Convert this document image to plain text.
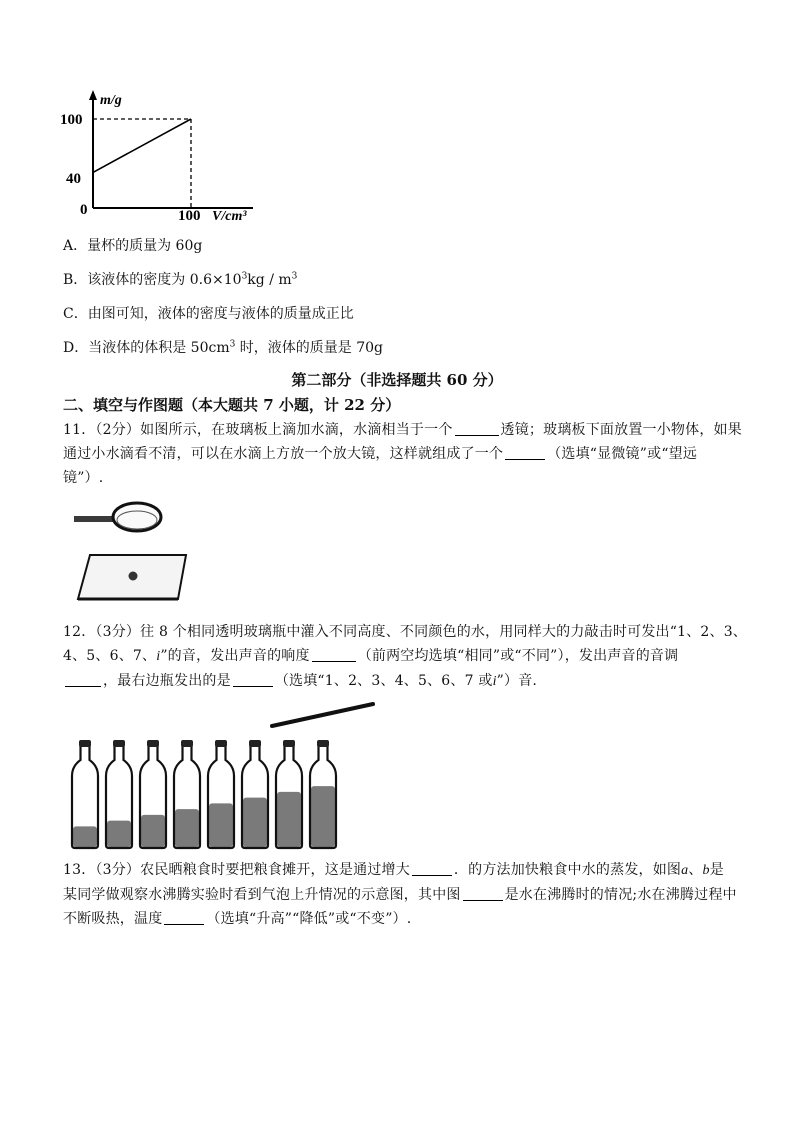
m/g
100
40
0	100 V/cm³
A．量杯的质量为 60g
B．该液体的密度为 $0.6\times 10^3kg / m^3$
C．由图可知，液体的密度与液体的质量成正比
D．当液体的体积是 $50cm^3$ 时，液体的质量是 70g
第二部分（非选择题共 60 分）
二、填空与作图题（本大题共 7 小题，计 22 分）
11．（2分）如图所示，在玻璃板上滴加水滴，水滴相当于一个	透镜；玻璃板下面放置一小物体，如果
通过小水滴看不清，可以在水滴上方放一个放大镜，这样就组成了一个	（选填“显微镜”或“望远
镜”）.
12．（3分）往 8 个相同透明玻璃瓶中灌入不同高度、不同颜色的水，用同样大的力敲击时可发出“1、2、3、
4、5、6、7、i”的音，发出声音的响度	（前两空均选填“相同”或“不同”），发出声音的音调
，最右边瓶发出的是	（选填“1、2、3、4、5、6、7 或i”）音.
13．（3分）农民晒粮食时要把粮食摊开，这是通过增大	．的方法加快粮食中水的蒸发，如图a、b是
某同学做观察水沸腾实验时看到气泡上升情况的示意图，其中图	是水在沸腾时的情况;水在沸腾过程中
不断吸热，温度	（选填“升高”“降低”或“不变”）.
